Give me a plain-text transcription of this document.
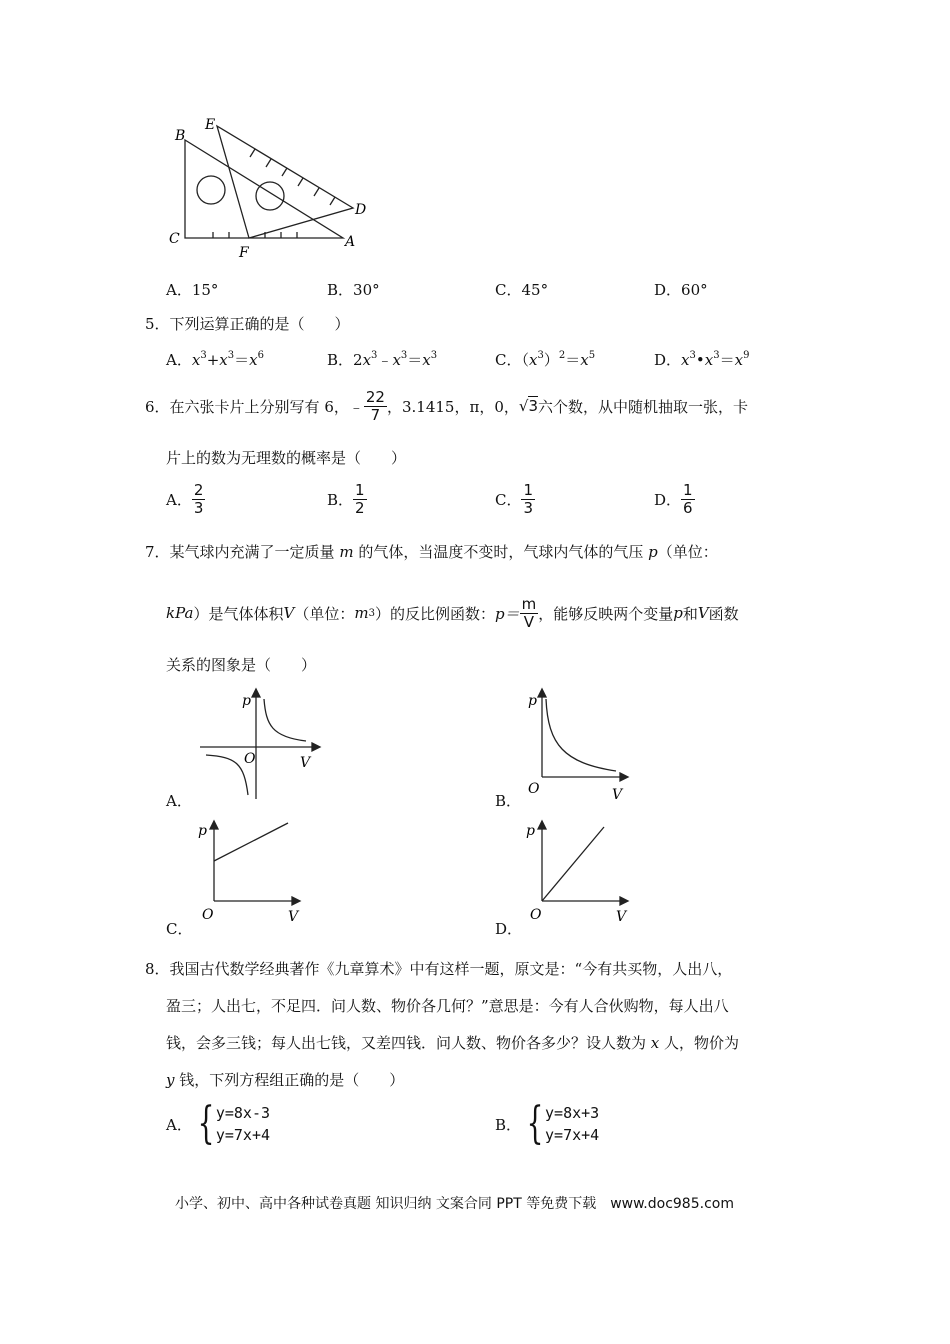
B
E
C
F
A
D
A．15°	B．30°	C．45°	D．60°
5．下列运算正确的是（　　）
A．$x^3+x^3=x^6$	B．$2x^3﹣x^3=x^3$	C．$(x^3)^2=x^5$	D．$x^3•x^3=x^9$
6． 在六张卡片上分别写有 6， ﹣ $\frac{22}{7}$ ，3.1415，π，0， √3 六个数，从中随机抽取一张，卡
片上的数为无理数的概率是（　　）
A． $\frac{2}{3}$	B． $\frac{1}{2}$	C． $\frac{1}{3}$	D． $\frac{1}{6}$
7．某气球内充满了一定质量 m 的气体，当温度不变时，气球内气体的气压 p（单位：
kPa ）是气体体积 V （单位： m 3 ）的反比例函数： $p= \frac{m}{V}$ ，能够反映两个变量 p 和 V 函数
关系的图象是（　　）
p
O	V
A．
p
O	V
B．
p
O	V
C．
p
O	V
D．
8．我国古代数学经典著作《九章算术》中有这样一题，原文是：“今有共买物，人出八，
盈三；人出七，不足四．问人数、物价各几何？”意思是：今有人合伙购物，每人出八
钱，会多三钱；每人出七钱，又差四钱．问人数、物价各多少？设人数为 x 人，物价为
y 钱，下列方程组正确的是（　　）
A． { y=8x-3
y=7x+4
B． { y=8x+3
y=7x+4
小学、初中、高中各种试卷真题 知识归纳 文案合同 PPT 等免费下载　www.doc985.com
